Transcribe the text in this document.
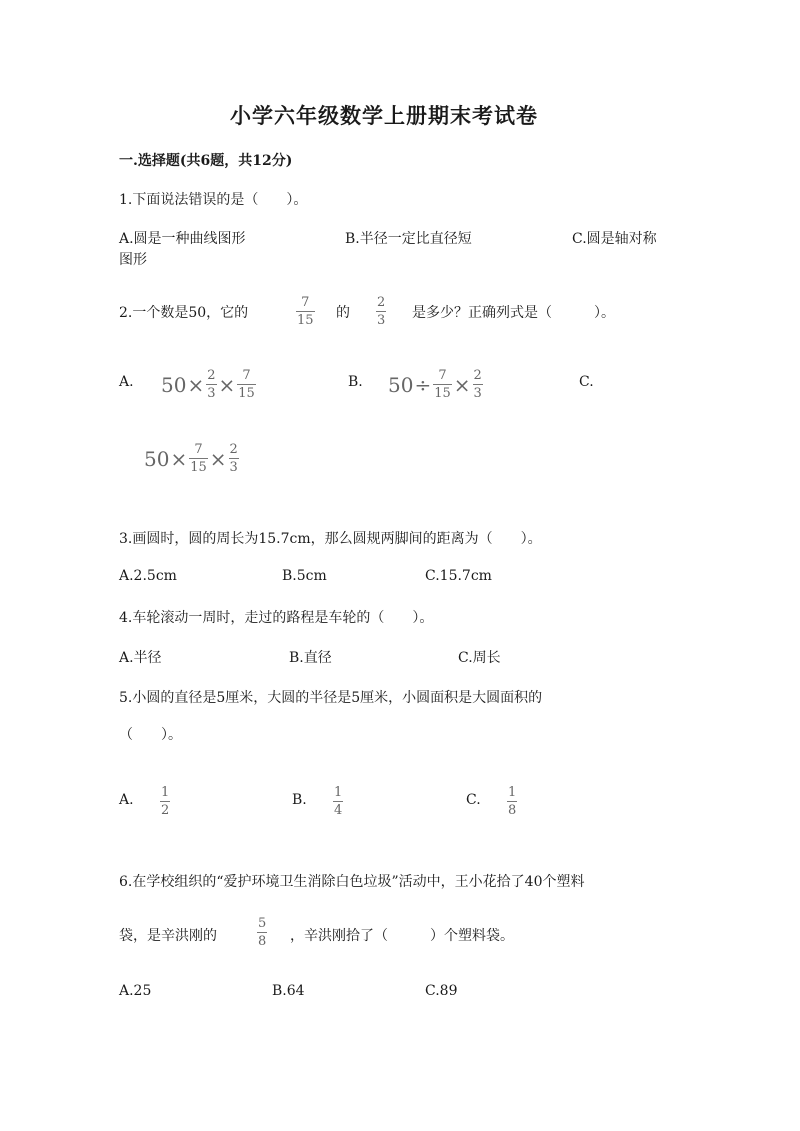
小学六年级数学上册期末考试卷
一.选择题(共6题，共12分)
1.下面说法错误的是（　　）。
A.圆是一种曲线图形	B.半径一定比直径短	C.圆是轴对称
图形
2.一个数是50，它的
7
15 的
2
3 是多少？正确列式是（　　　）。
A. $50 \times \frac{2}{3} \times \frac{7}{15}$	B. $50 \div \frac{7}{15} \times \frac{2}{3}$	C.
$50 \times \frac{7}{15} \times \frac{2}{3}$
3.画圆时，圆的周长为15.7cm，那么圆规两脚间的距离为（　　）。
A.2.5cm	B.5cm	C.15.7cm
4.车轮滚动一周时，走过的路程是车轮的（　　）。
A.半径	B.直径	C.周长
5.小圆的直径是5厘米，大圆的半径是5厘米，小圆面积是大圆面积的
（　　）。
A. 1
2
B. 1
4
C. 1
8
6.在学校组织的“爱护环境卫生消除白色垃圾”活动中，王小花拾了40个塑料
袋，是辛洪刚的
5
8 ，辛洪刚拾了（　　　）个塑料袋。
A.25	B.64	C.89
